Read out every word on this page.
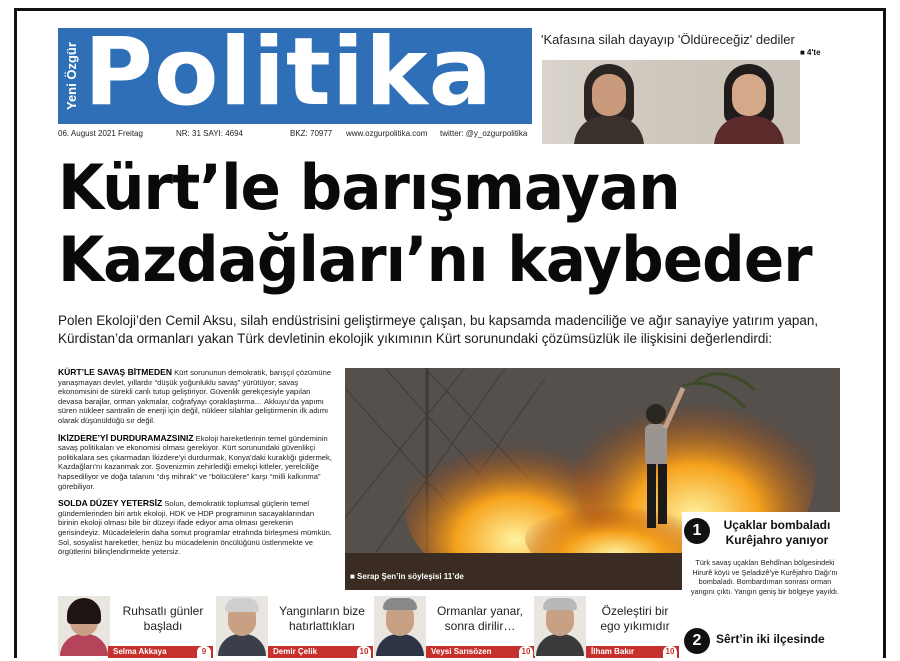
Yeni Özgür Politika
06. August 2021 Freitag	NR: 31 SAYI: 4694	BKZ: 70977 www.ozgurpolitika.com twitter: @y_ozgurpolitika
'Kafasına silah dayayıp 'Öldüreceğiz' dediler
■ 4'te
Kürt’le barışmayan
Kazdağları’nı kaybeder
Polen Ekoloji’den Cemil Aksu, silah endüstrisini geliştirmeye çalışan, bu kapsamda madenciliğe ve ağır sanayiye yatırım yapan, Kürdistan’da ormanları yakan Türk devletinin ekolojik yıkımının Kürt sorunundaki çözümsüzlük ile ilişkisini değerlendirdi:

KÜRT’LE SAVAŞ BİTMEDEN Kürt sorununun demokratik, barışçıl çözümüne yanaşmayan devlet, yıllardır “düşük yoğunluklu savaş” yürütüyor; savaş ekonomisini de sürekli canlı tutup geliştiriyor. Güvenlik gerekçesiyle yapılan devasa barajlar, orman yakmalar, coğrafyayı çoraklaştırma… Akkuyu’da yapımı süren nükleer santralin de enerji için değil, nükleer silahlar geliştirmenin ilk adımı olarak düşünüldüğü sır değil.

İKİZDERE’Yİ DURDURAMAZSINIZ Ekoloji hareketlerinin temel gündeminin savaş politikaları ve ekonomisi olması gerekiyor. Kürt sorunundaki güvenlikçi politikalara ses çıkarmadan İkizdere’yi durdurmak, Konya’daki kuraklığı gidermek, Kazdağları’nı kazanmak zor. Şovenizmin zehirlediği emekçi kitleler, yerelciliğe hapsediliyor ve doğa talanını “dış mihrak” ve “bölücülere” karşı “milli kalkınma” görebiliyor.

SOLDA DÜZEY YETERSİZ Solun, demokratik toplumsal güçlerin temel gündemlerinden biri artık ekoloji. HDK ve HDP programının sacayaklarından birinin ekoloji olması bile bir düzeyi ifade ediyor ama olması gerekenin gerisindeyiz. Mücadelelerin daha somut programlar etrafında birleşmesi mümkün. Sol, sosyalist hareketler, henüz bu mücadelenin öncülüğünü üstlenmekte ve örgütlerini bilinçlendirmekte yetersiz.

■ Serap Şen’in söyleşisi 11’de
1	Uçaklar bombaladı Kurêjahro yanıyor
Türk savaş uçakları Behdînan bölgesindeki Hirurê köyü ve Şeladizê’ye Kurêjahro Dağı’nı bombaladı. Bombardıman sonrası orman yangını çıktı. Yangın geniş bir bölgeye yayıldı.
2	Sêrt’in iki ilçesinde
Ruhsatlı günler başladı
Selma Akkaya	9
Yangınların bize hatırlattıkları
Demir Çelik	10
Ormanlar yanar, sonra dirilir…
Veysi Sarısözen	10
Özeleştiri bir ego yıkımıdır
İlham Bakır	10
